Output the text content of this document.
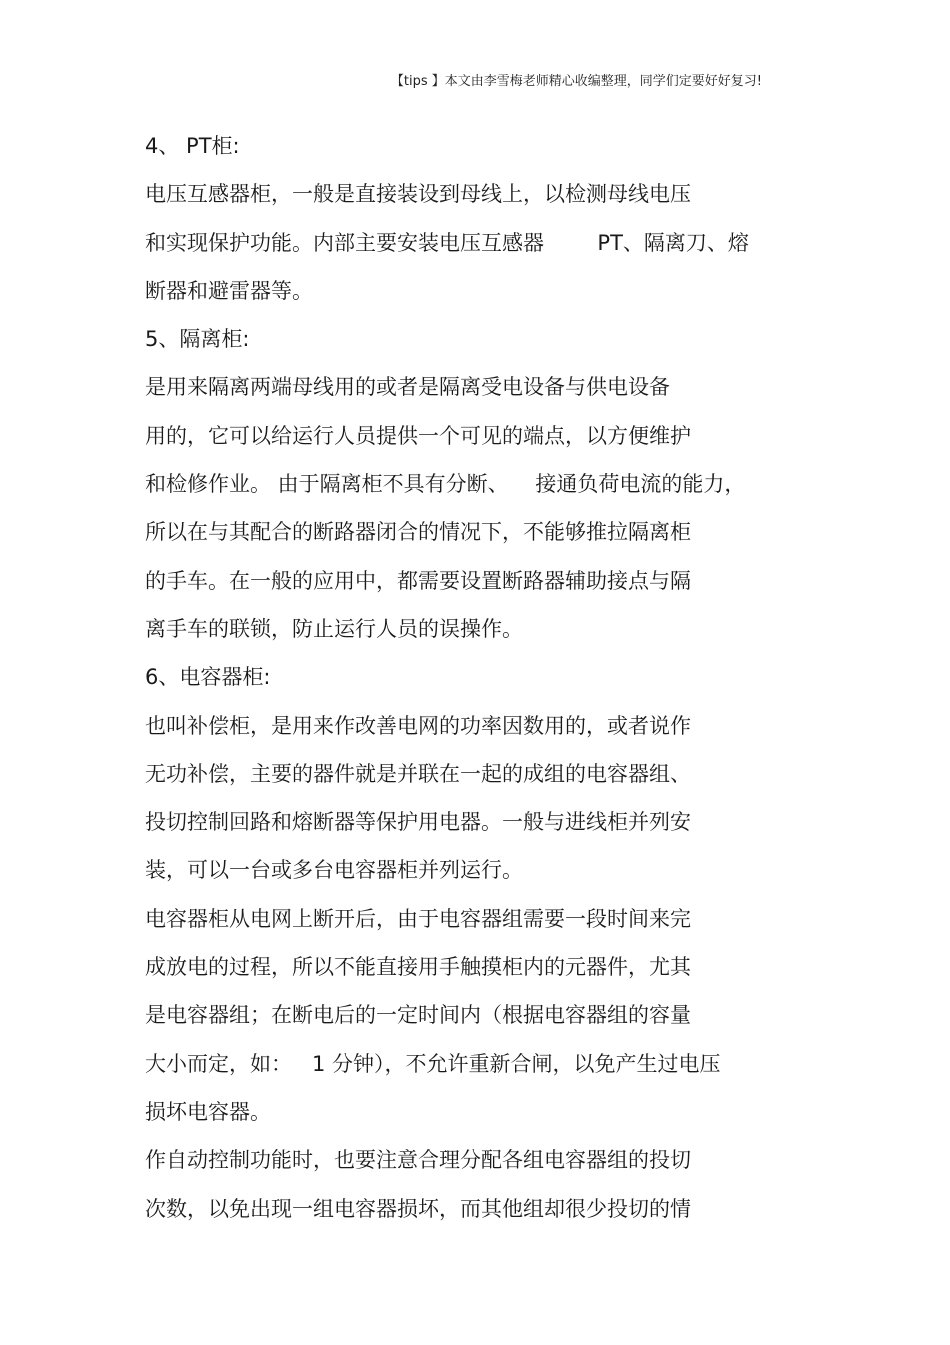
【tips 】本文由李雪梅老师精心收编整理，同学们定要好好复习!
4、 PT柜:
电压互感器柜，一般是直接装设到母线上，以检测母线电压
和实现保护功能。内部主要安装电压互感器        PT、隔离刀、熔
断器和避雷器等。
5、隔离柜:
是用来隔离两端母线用的或者是隔离受电设备与供电设备
用的，它可以给运行人员提供一个可见的端点，以方便维护
和检修作业。 由于隔离柜不具有分断、    接通负荷电流的能力，
所以在与其配合的断路器闭合的情况下，不能够推拉隔离柜
的手车。在一般的应用中，都需要设置断路器辅助接点与隔
离手车的联锁，防止运行人员的误操作。
6、电容器柜:
也叫补偿柜，是用来作改善电网的功率因数用的，或者说作
无功补偿，主要的器件就是并联在一起的成组的电容器组、
投切控制回路和熔断器等保护用电器。一般与进线柜并列安
装，可以一台或多台电容器柜并列运行。
电容器柜从电网上断开后，由于电容器组需要一段时间来完
成放电的过程，所以不能直接用手触摸柜内的元器件，尤其
是电容器组；在断电后的一定时间内（根据电容器组的容量
大小而定，如：   1 分钟），不允许重新合闸，以免产生过电压
损坏电容器。
作自动控制功能时，也要注意合理分配各组电容器组的投切
次数，以免出现一组电容器损坏，而其他组却很少投切的情
